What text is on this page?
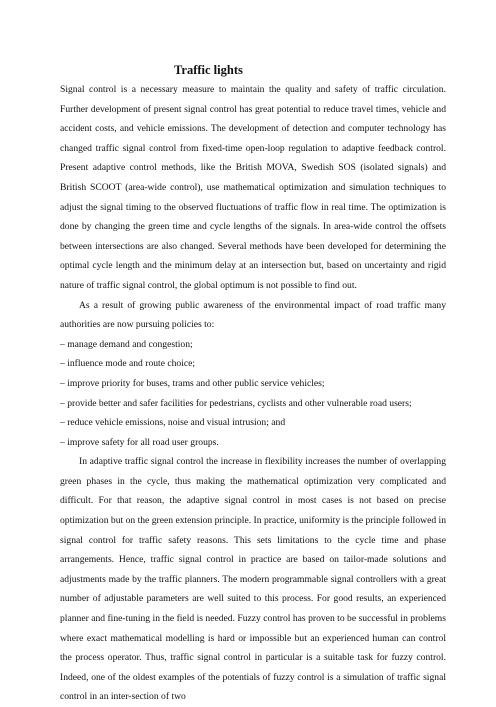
Traffic lights

Signal control is a necessary measure to maintain the quality and safety of traffic circulation. Further development of present signal control has great potential to reduce travel times, vehicle and accident costs, and vehicle emissions. The development of detection and computer technology has changed traffic signal control from fixed-time open-loop regulation to adaptive feedback control. Present adaptive control methods, like the British MOVA, Swedish SOS (isolated signals) and British SCOOT (area-wide control), use mathematical optimization and simulation techniques to adjust the signal timing to the observed fluctuations of traffic flow in real time. The optimization is done by changing the green time and cycle lengths of the signals. In area-wide control the offsets between intersections are also changed. Several methods have been developed for determining the optimal cycle length and the minimum delay at an intersection but, based on uncertainty and rigid nature of traffic signal control, the global optimum is not possible to find out.

As a result of growing public awareness of the environmental impact of road traffic many authorities are now pursuing policies to:

– manage demand and congestion;
– influence mode and route choice;
– improve priority for buses, trams and other public service vehicles;
– provide better and safer facilities for pedestrians, cyclists and other vulnerable road users;
– reduce vehicle emissions, noise and visual intrusion; and
– improve safety for all road user groups.

In adaptive traffic signal control the increase in flexibility increases the number of overlapping green phases in the cycle, thus making the mathematical optimization very complicated and difficult. For that reason, the adaptive signal control in most cases is not based on precise optimization but on the green extension principle. In practice, uniformity is the principle followed in signal control for traffic safety reasons. This sets limitations to the cycle time and phase arrangements. Hence, traffic signal control in practice are based on tailor-made solutions and adjustments made by the traffic planners. The modern programmable signal controllers with a great number of adjustable parameters are well suited to this process. For good results, an experienced planner and fine-tuning in the field is needed. Fuzzy control has proven to be successful in problems where exact mathematical modelling is hard or impossible but an experienced human can control the process operator. Thus, traffic signal control in particular is a suitable task for fuzzy control. Indeed, one of the oldest examples of the potentials of fuzzy control is a simulation of traffic signal control in an inter-section of two
